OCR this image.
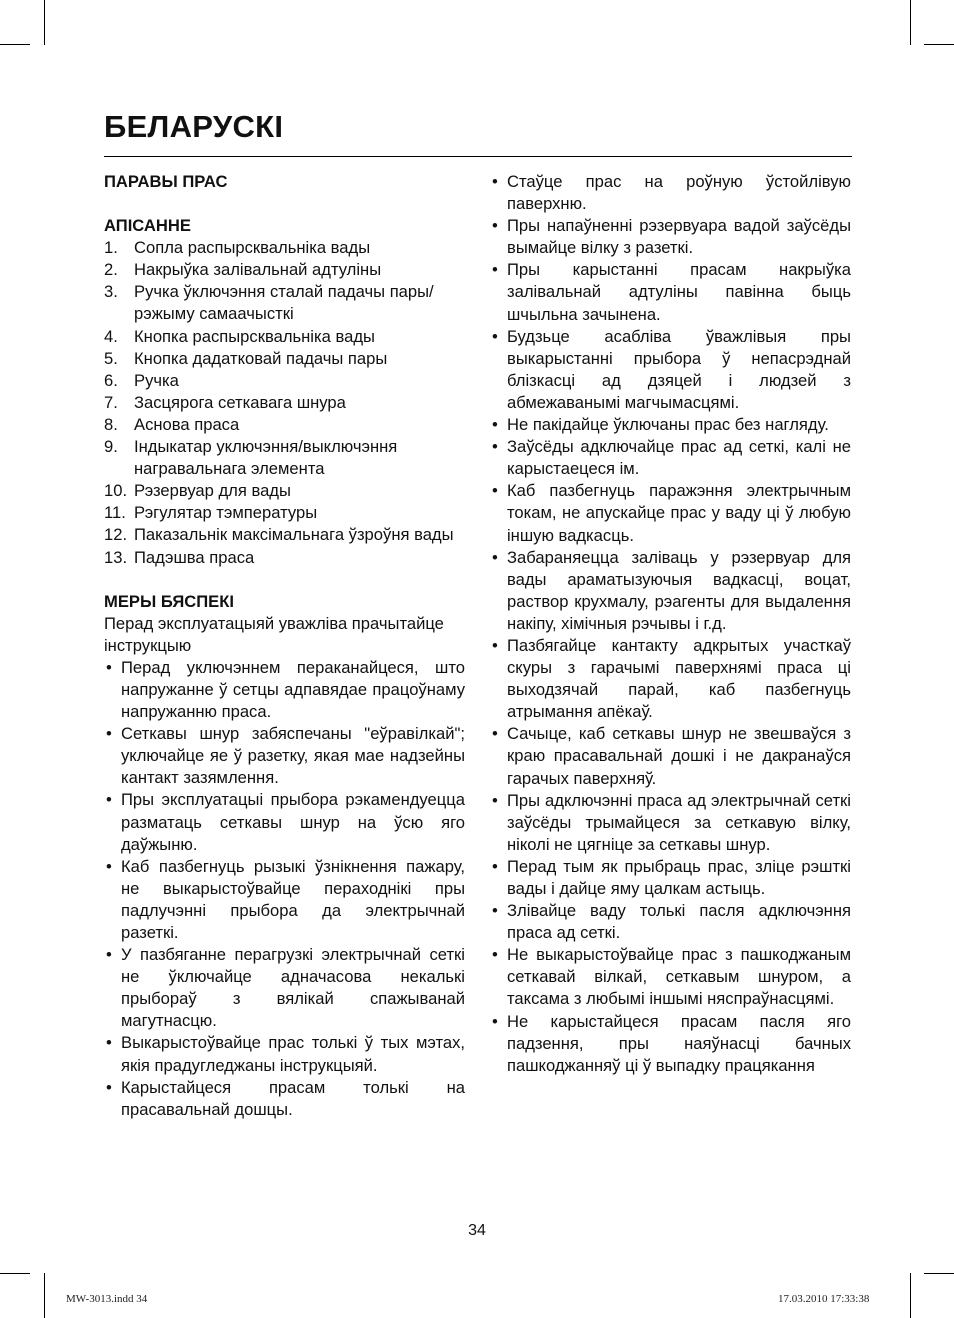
БЕЛАРУСКІ

ПАРАВЫ ПРАС

АПІСАННЕ

1. Сопла распырсквальніка вады
2. Накрыўка залівальнай адтуліны
3. Ручка ўключэння сталай падачы пары/ рэжыму самаачысткі
4. Кнопка распырсквальніка вады
5. Кнопка дадатковай падачы пары
6. Ручка
7. Засцярога сеткавага шнура
8. Аснова праса
9. Індыкатар уключэння/выключэння награвальнага элемента
10. Рэзервуар для вады
11. Рэгулятар тэмпературы
12. Паказальнік максімальнага ўзроўня вады
13. Падэшва праса

МЕРЫ БЯСПЕКІ

Перад эксплуатацыяй уважліва прачытайце інструкцыю

• Перад уключэннем пераканайцеся, што напружанне ў сетцы адпавядае працоўнаму напружанню праса.
• Сеткавы шнур забяспечаны "еўравілкай"; уключайце яе ў разетку, якая мае надзейны кантакт зазямлення.
• Пры эксплуатацыі прыбора рэкамендуецца разматаць сеткавы шнур на ўсю яго даўжыню.
• Каб пазбегнуць рызыкі ўзнікнення пажару, не выкарыстоўвайце пераходнікі пры падлучэнні прыбора да электрычнай разеткі.
• У пазбяганне перагрузкі электрычнай сеткі не ўключайце адначасова некалькі прыбораў з вялікай спажыванай магутнасцю.
• Выкарыстоўвайце прас толькі ў тых мэтах, якія прадугледжаны інструкцыяй.
• Карыстайцеся прасам толькі на прасавальнай дошцы.
• Стаўце прас на роўную ўстойлівую паверхню.
• Пры напаўненні рэзервуара вадой заўсёды вымайце вілку з разеткі.
• Пры карыстанні прасам накрыўка залівальнай адтуліны павінна быць шчыльна зачынена.
• Будзьце асабліва ўважлівыя пры выкарыстанні прыбора ў непасрэднай блізкасці ад дзяцей і людзей з абмежаванымі магчымасцямі.
• Не пакідайце ўключаны прас без нагляду.
• Заўсёды адключайце прас ад сеткі, калі не карыстаецеся ім.
• Каб пазбегнуць паражэння электрычным токам, не апускайце прас у ваду ці ў любую іншую вадкасць.
• Забараняецца заліваць у рэзервуар для вады араматызуючыя вадкасці, воцат, раствор крухмалу, рэагенты для выдалення накіпу, хімічныя рэчывы і г.д.
• Пазбягайце кантакту адкрытых участкаў скуры з гарачымі паверхнямі праса ці выходзячай парай, каб пазбегнуць атрымання апёкаў.
• Сачыце, каб сеткавы шнур не звешваўся з краю прасавальнай дошкі і не дакранаўся гарачых паверхняў.
• Пры адключэнні праса ад электрычнай сеткі заўсёды трымайцеся за сеткавую вілку, ніколі не цягніце за сеткавы шнур.
• Перад тым як прыбраць прас, зліце рэшткі вады і дайце яму цалкам астыць.
• Злівайце ваду толькі пасля адключэння праса ад сеткі.
• Не выкарыстоўвайце прас з пашкоджаным сеткавай вілкай, сеткавым шнуром, а таксама з любымі іншымі няспраўнасцямі.
• Не карыстайцеся прасам пасля яго падзення, пры наяўнасці бачных пашкоджанняў ці ў выпадку працякання
34
MW-3013.indd 34	17.03.2010 17:33:38
